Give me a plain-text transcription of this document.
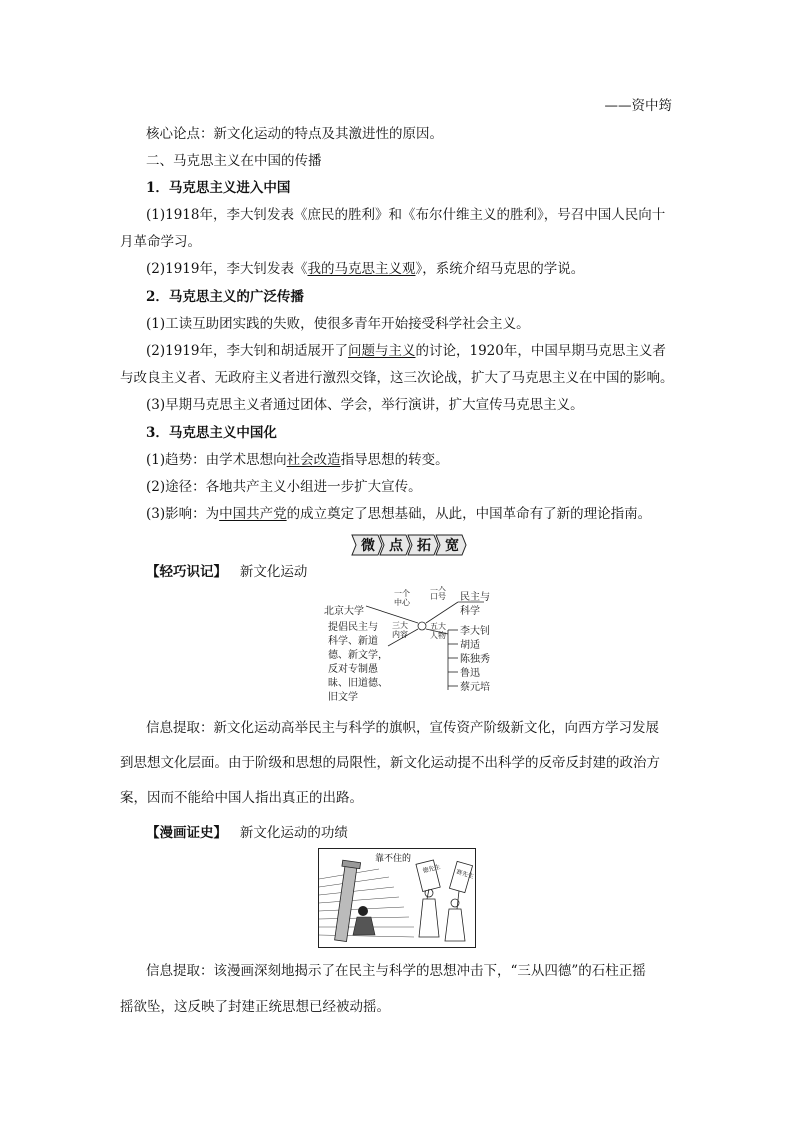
——资中筠
核心论点：新文化运动的特点及其激进性的原因。
二、马克思主义在中国的传播
1．马克思主义进入中国
(1)1918年，李大钊发表《庶民的胜利》和《布尔什维主义的胜利》，号召中国人民向十
月革命学习。
(2)1919年，李大钊发表《我的马克思主义观》，系统介绍马克思的学说。
2．马克思主义的广泛传播
(1)工读互助团实践的失败，使很多青年开始接受科学社会主义。
(2)1919年，李大钊和胡适展开了问题与主义的讨论，1920年，中国早期马克思主义者
与改良主义者、无政府主义者进行激烈交锋，这三次论战，扩大了马克思主义在中国的影响。
(3)早期马克思主义者通过团体、学会，举行演讲，扩大宣传马克思主义。
3．马克思主义中国化
(1)趋势：由学术思想向社会改造指导思想的转变。
(2)途径：各地共产主义小组进一步扩大宣传。
(3)影响：为中国共产党的成立奠定了思想基础，从此，中国革命有了新的理论指南。
微 点 拓 宽
【轻巧识记】 新文化运动
一个
中心
北京大学
三大
内容
提倡民主与
科学、新道
德、新文学，
反对专制愚
昧、旧道德、
旧文学
二大
口号 民主与
科学
五大
人物 李大钊
胡适
陈独秀
鲁迅
蔡元培
信息提取：新文化运动高举民主与科学的旗帜，宣传资产阶级新文化，向西方学习发展
到思想文化层面。由于阶级和思想的局限性，新文化运动提不出科学的反帝反封建的政治方
案，因而不能给中国人指出真正的出路。
【漫画证史】 新文化运动的功绩
靠不住的
德先生 赛先生
信息提取：该漫画深刻地揭示了在民主与科学的思想冲击下，“三从四德”的石柱正摇
摇欲坠，这反映了封建正统思想已经被动摇。
